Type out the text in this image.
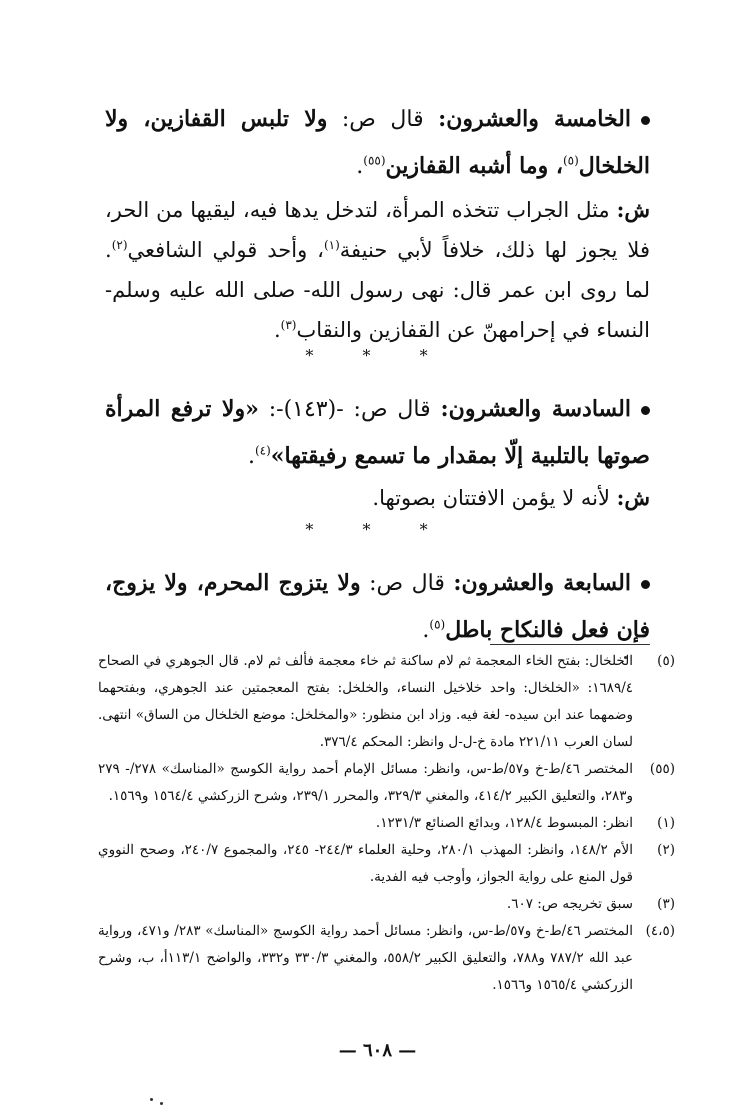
الخامسة والعشرون: قال ص: ولا تلبس القفازين، ولا الخلخال$^{(٥)}$، وما أشبه القفازين$^{(٥٥)}$.
ش: مثل الجراب تتخذه المرأة، لتدخل يدها فيه، ليقيها من الحر، فلا يجوز لها ذلك، خلافاً لأبي حنيفة$^{(١)}$، وأحد قولي الشافعي$^{(٢)}$. لما روى ابن عمر قال: نهى رسول الله- صلى الله عليه وسلم- النساء في إحرامهنّ عن القفازين والنقاب$^{(٣)}$.
* * *
السادسة والعشرون: قال ص: -(١٤٣)-: «ولا ترفع المرأة صوتها بالتلبية إلّا بمقدار ما تسمع رفيقتها»$^{(٤)}$.
ش: لأنه لا يؤمن الافتتان بصوتها.
* * *
السابعة والعشرون: قال ص: ولا يتزوج المحرم، ولا يزوج، فإن فعل فالنكاح باطل$^{(٥)}$.
(٥)
الخلخال: بفتح الخاء المعجمة ثم لام ساكنة ثم خاء معجمة فألف ثم لام. قال الجوهري في الصحاح ١٦٨٩/٤: «الخلخال: واحد خلاخيل النساء، والخلخل: بفتح المعجمتين عند الجوهري، وبفتحهما وضمهما عند ابن سيده- لغة فيه. وزاد ابن منظور: «والمخلخل: موضع الخلخال من الساق» انتهى. لسان العرب ٢٢١/١١ مادة خ-ل-ل وانظر: المحكم ٣٧٦/٤.
(٥٥)
المختصر ٤٦/ط-خ و٥٧/ط-س، وانظر: مسائل الإمام أحمد رواية الكوسج «المناسك» ٢٧٨/- ٢٧٩ و٢٨٣، والتعليق الكبير ٤١٤/٢، والمغني ٣٢٩/٣، والمحرر ٢٣٩/١، وشرح الزركشي ١٥٦٤/٤ و١٥٦٩.
(١)
انظر: المبسوط ١٢٨/٤، وبدائع الصنائع ١٢٣١/٣.
(٢)
الأم ١٤٨/٢، وانظر: المهذب ٢٨٠/١، وحلية العلماء ٢٤٤/٣- ٢٤٥، والمجموع ٢٤٠/٧، وصحح النووي قول المنع على رواية الجواز، وأوجب فيه الفدية.
(٣)
سبق تخريجه ص: ٦٠٧.
(٤،٥)
المختصر ٤٦/ط-خ و٥٧/ط-س، وانظر: مسائل أحمد رواية الكوسج «المناسك» ٢٨٣/ و٤٧١، ورواية عبد الله ٧٨٧/٢ و٧٨٨، والتعليق الكبير ٥٥٨/٢، والمغني ٣٣٠/٣ و٣٣٢، والواضح ١١٣/١أ، ب، وشرح الزركشي ١٥٦٥/٤ و١٥٦٦.
— ٦٠٨ —
